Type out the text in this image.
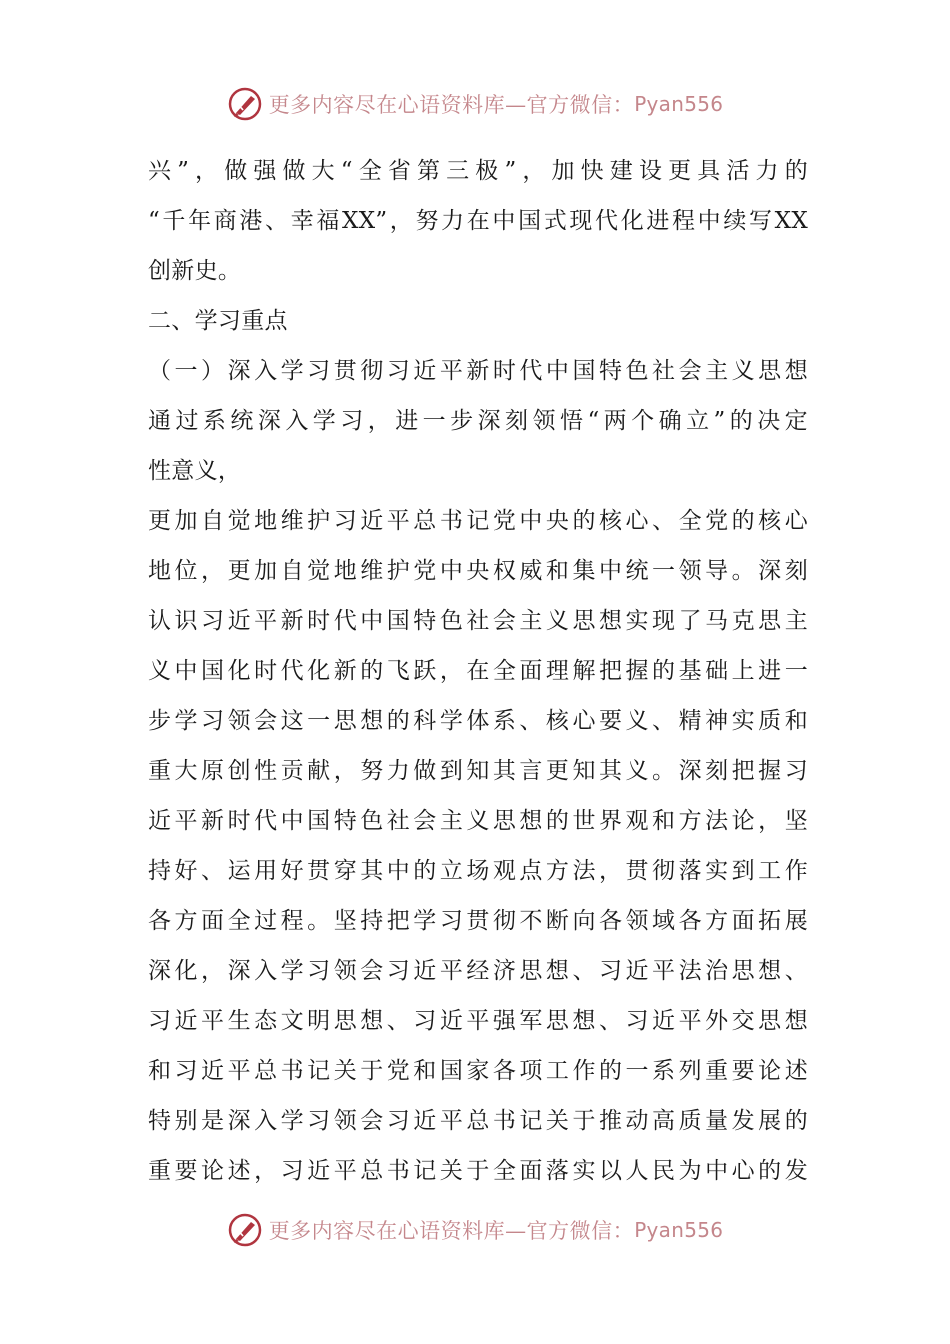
更多内容尽在心语资料库—官方微信： Pyan556
兴”，做强做大“全省第三极”，加快建设更具活力的
“千年商港、幸福XX”，努力在中国式现代化进程中续写XX
创新史。
二、学习重点
（一）深入学习贯彻习近平新时代中国特色社会主义思想
通过系统深入学习，进一步深刻领悟“两个确立”的决定
性意义，
更加自觉地维护习近平总书记党中央的核心、全党的核心
地位，更加自觉地维护党中央权威和集中统一领导。深刻
认识习近平新时代中国特色社会主义思想实现了马克思主
义中国化时代化新的飞跃，在全面理解把握的基础上进一
步学习领会这一思想的科学体系、核心要义、精神实质和
重大原创性贡献，努力做到知其言更知其义。深刻把握习
近平新时代中国特色社会主义思想的世界观和方法论，坚
持好、运用好贯穿其中的立场观点方法，贯彻落实到工作
各方面全过程。坚持把学习贯彻不断向各领域各方面拓展
深化，深入学习领会习近平经济思想、习近平法治思想、
习近平生态文明思想、习近平强军思想、习近平外交思想
和习近平总书记关于党和国家各项工作的一系列重要论述
特别是深入学习领会习近平总书记关于推动高质量发展的
重要论述，习近平总书记关于全面落实以人民为中心的发
更多内容尽在心语资料库—官方微信： Pyan556
